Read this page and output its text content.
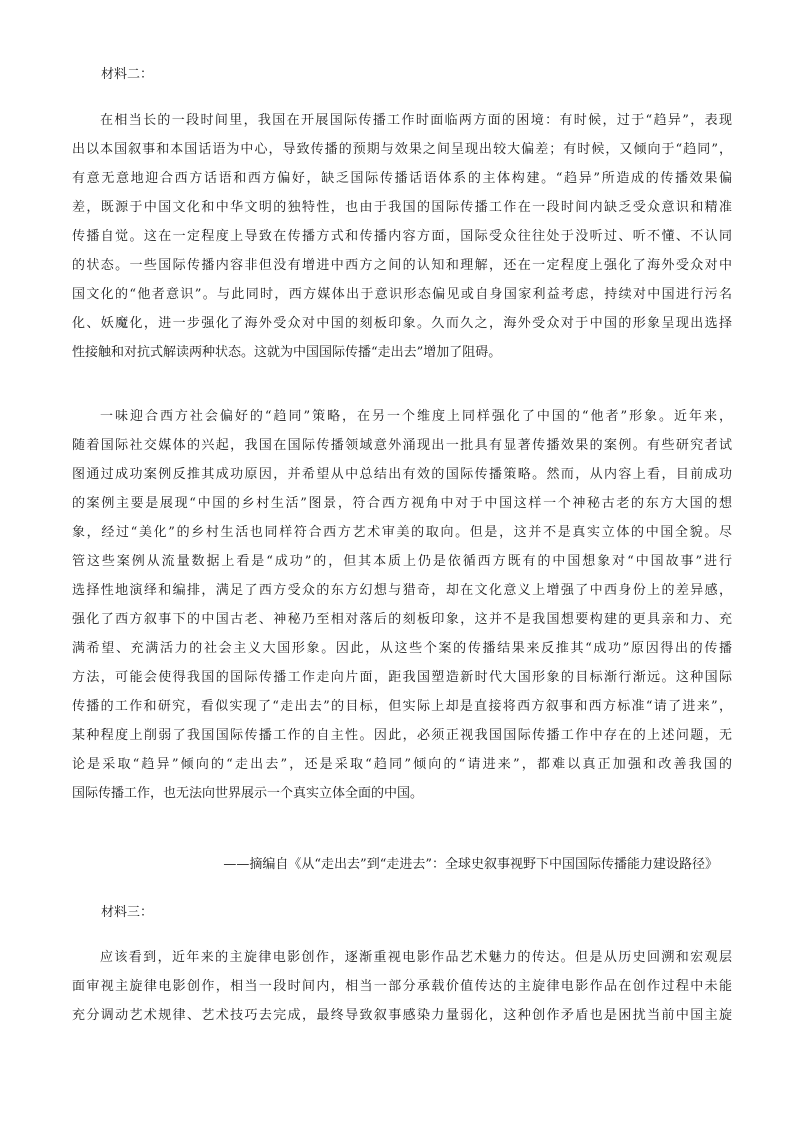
材料二：
在相当长的一段时间里，我国在开展国际传播工作时面临两方面的困境：有时候，过于“趋异”，表现
出以本国叙事和本国话语为中心，导致传播的预期与效果之间呈现出较大偏差；有时候，又倾向于“趋同”，
有意无意地迎合西方话语和西方偏好，缺乏国际传播话语体系的主体构建。“趋异”所造成的传播效果偏
差，既源于中国文化和中华文明的独特性，也由于我国的国际传播工作在一段时间内缺乏受众意识和精准
传播自觉。这在一定程度上导致在传播方式和传播内容方面，国际受众往往处于没听过、听不懂、不认同
的状态。一些国际传播内容非但没有增进中西方之间的认知和理解，还在一定程度上强化了海外受众对中
国文化的“他者意识”。与此同时，西方媒体出于意识形态偏见或自身国家利益考虑，持续对中国进行污名
化、妖魔化，进一步强化了海外受众对中国的刻板印象。久而久之，海外受众对于中国的形象呈现出选择
性接触和对抗式解读两种状态。这就为中国国际传播“走出去”增加了阻碍。
一味迎合西方社会偏好的“趋同”策略，在另一个维度上同样强化了中国的“他者”形象。近年来，
随着国际社交媒体的兴起，我国在国际传播领域意外涌现出一批具有显著传播效果的案例。有些研究者试
图通过成功案例反推其成功原因，并希望从中总结出有效的国际传播策略。然而，从内容上看，目前成功
的案例主要是展现“中国的乡村生活”图景，符合西方视角中对于中国这样一个神秘古老的东方大国的想
象，经过“美化”的乡村生活也同样符合西方艺术审美的取向。但是，这并不是真实立体的中国全貌。尽
管这些案例从流量数据上看是“成功”的，但其本质上仍是依循西方既有的中国想象对“中国故事”进行
选择性地演绎和编排，满足了西方受众的东方幻想与猎奇，却在文化意义上增强了中西身份上的差异感，
强化了西方叙事下的中国古老、神秘乃至相对落后的刻板印象，这并不是我国想要构建的更具亲和力、充
满希望、充满活力的社会主义大国形象。因此，从这些个案的传播结果来反推其“成功”原因得出的传播
方法，可能会使得我国的国际传播工作走向片面，距我国塑造新时代大国形象的目标渐行渐远。这种国际
传播的工作和研究，看似实现了“走出去”的目标，但实际上却是直接将西方叙事和西方标准“请了进来”，
某种程度上削弱了我国国际传播工作的自主性。因此，必须正视我国国际传播工作中存在的上述问题，无
论是采取“趋异”倾向的“走出去”，还是采取“趋同”倾向的“请进来”，都难以真正加强和改善我国的
国际传播工作，也无法向世界展示一个真实立体全面的中国。
——摘编自《从“走出去”到“走进去”：全球史叙事视野下中国国际传播能力建设路径》
材料三：
应该看到，近年来的主旋律电影创作，逐渐重视电影作品艺术魅力的传达。但是从历史回溯和宏观层
面审视主旋律电影创作，相当一段时间内，相当一部分承载价值传达的主旋律电影作品在创作过程中未能
充分调动艺术规律、艺术技巧去完成，最终导致叙事感染力量弱化，这种创作矛盾也是困扰当前中国主旋
